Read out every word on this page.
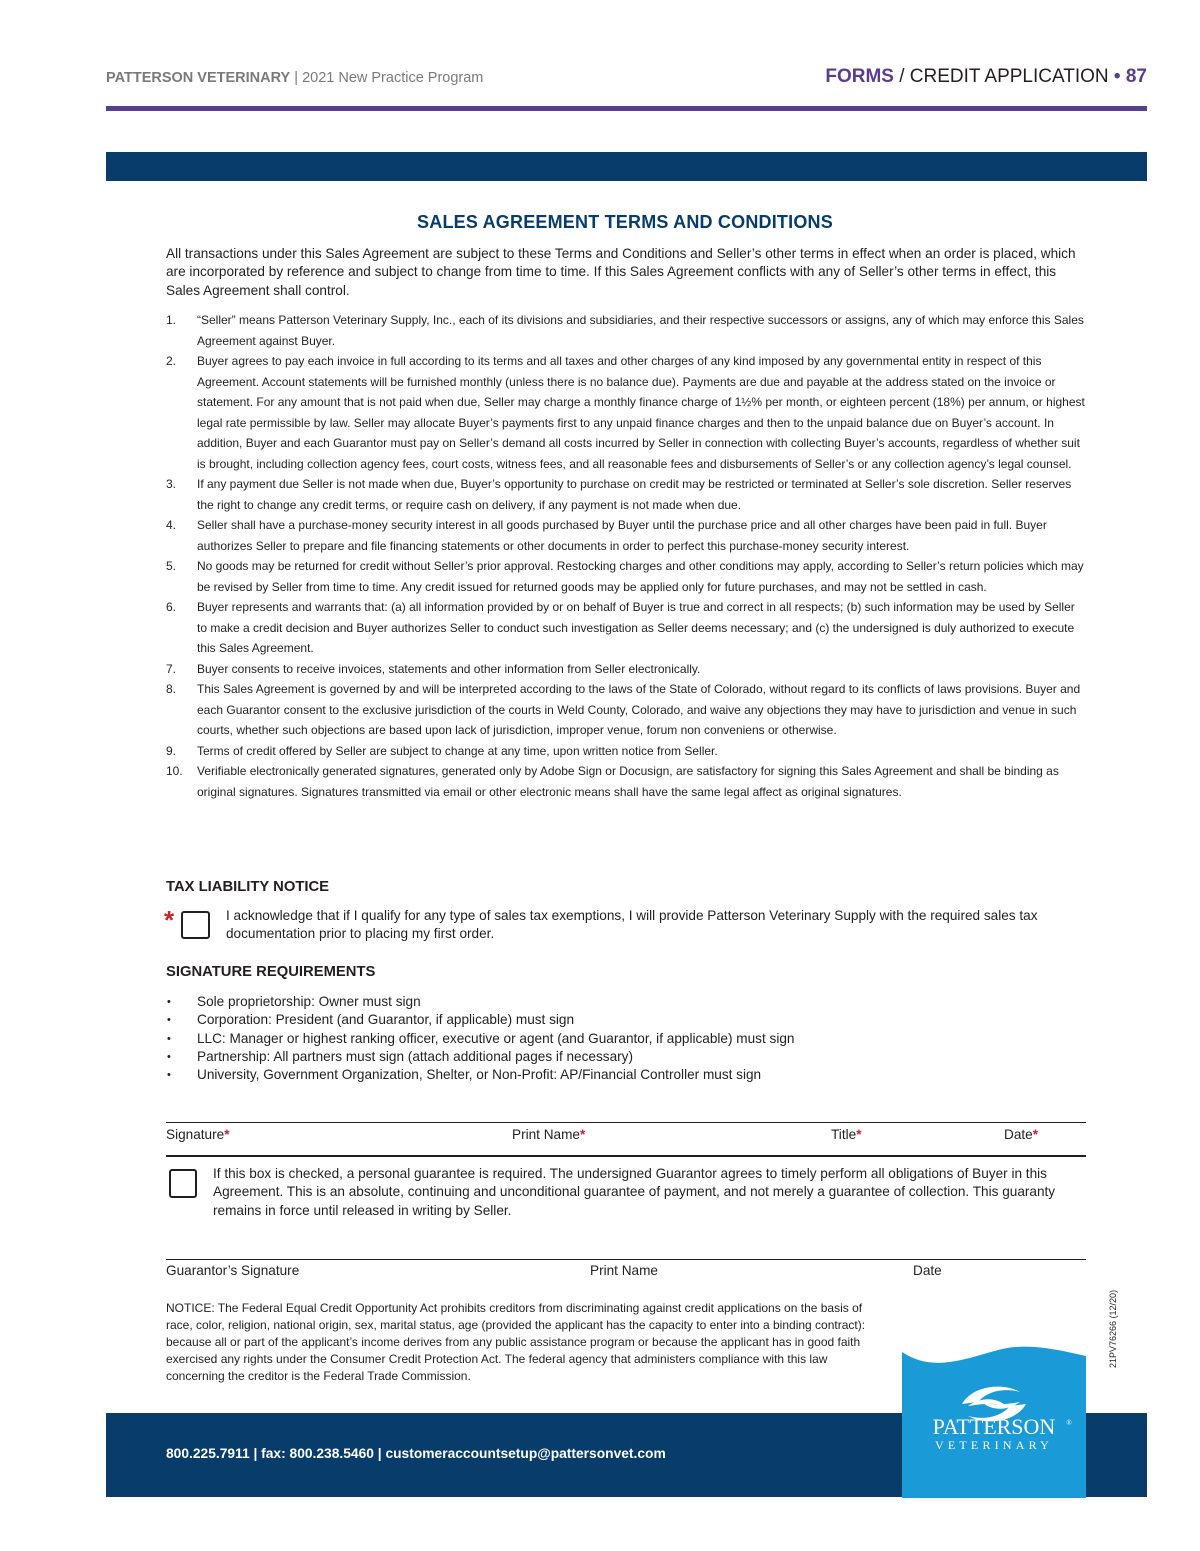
PATTERSON VETERINARY | 2021 New Practice Program	FORMS / CREDIT APPLICATION • 87
SALES AGREEMENT TERMS AND CONDITIONS
All transactions under this Sales Agreement are subject to these Terms and Conditions and Seller’s other terms in effect when an order is placed, which are incorporated by reference and subject to change from time to time. If this Sales Agreement conflicts with any of Seller’s other terms in effect, this Sales Agreement shall control.
1. “Seller” means Patterson Veterinary Supply, Inc., each of its divisions and subsidiaries, and their respective successors or assigns, any of which may enforce this Sales Agreement against Buyer.
2. Buyer agrees to pay each invoice in full according to its terms and all taxes and other charges of any kind imposed by any governmental entity in respect of this Agreement. Account statements will be furnished monthly (unless there is no balance due). Payments are due and payable at the address stated on the invoice or statement. For any amount that is not paid when due, Seller may charge a monthly finance charge of 1½% per month, or eighteen percent (18%) per annum, or highest legal rate permissible by law. Seller may allocate Buyer’s payments first to any unpaid finance charges and then to the unpaid balance due on Buyer’s account. In addition, Buyer and each Guarantor must pay on Seller’s demand all costs incurred by Seller in connection with collecting Buyer’s accounts, regardless of whether suit is brought, including collection agency fees, court costs, witness fees, and all reasonable fees and disbursements of Seller’s or any collection agency’s legal counsel.
3. If any payment due Seller is not made when due, Buyer’s opportunity to purchase on credit may be restricted or terminated at Seller’s sole discretion. Seller reserves the right to change any credit terms, or require cash on delivery, if any payment is not made when due.
4. Seller shall have a purchase-money security interest in all goods purchased by Buyer until the purchase price and all other charges have been paid in full. Buyer authorizes Seller to prepare and file financing statements or other documents in order to perfect this purchase-money security interest.
5. No goods may be returned for credit without Seller’s prior approval. Restocking charges and other conditions may apply, according to Seller’s return policies which may be revised by Seller from time to time. Any credit issued for returned goods may be applied only for future purchases, and may not be settled in cash.
6. Buyer represents and warrants that: (a) all information provided by or on behalf of Buyer is true and correct in all respects; (b) such information may be used by Seller to make a credit decision and Buyer authorizes Seller to conduct such investigation as Seller deems necessary; and (c) the undersigned is duly authorized to execute this Sales Agreement.
7. Buyer consents to receive invoices, statements and other information from Seller electronically.
8. This Sales Agreement is governed by and will be interpreted according to the laws of the State of Colorado, without regard to its conflicts of laws provisions. Buyer and each Guarantor consent to the exclusive jurisdiction of the courts in Weld County, Colorado, and waive any objections they may have to jurisdiction and venue in such courts, whether such objections are based upon lack of jurisdiction, improper venue, forum non conveniens or otherwise.
9. Terms of credit offered by Seller are subject to change at any time, upon written notice from Seller.
10. Verifiable electronically generated signatures, generated only by Adobe Sign or Docusign, are satisfactory for signing this Sales Agreement and shall be binding as original signatures. Signatures transmitted via email or other electronic means shall have the same legal affect as original signatures.
TAX LIABILITY NOTICE
*	I acknowledge that if I qualify for any type of sales tax exemptions, I will provide Patterson Veterinary Supply with the required sales tax documentation prior to placing my first order.
SIGNATURE REQUIREMENTS
• Sole proprietorship: Owner must sign
• Corporation: President (and Guarantor, if applicable) must sign
• LLC: Manager or highest ranking officer, executive or agent (and Guarantor, if applicable) must sign
• Partnership: All partners must sign (attach additional pages if necessary)
• University, Government Organization, Shelter, or Non-Profit: AP/Financial Controller must sign
Signature*	Print Name*	Title*	Date*
If this box is checked, a personal guarantee is required. The undersigned Guarantor agrees to timely perform all obligations of Buyer in this Agreement. This is an absolute, continuing and unconditional guarantee of payment, and not merely a guarantee of collection. This guaranty remains in force until released in writing by Seller.
Guarantor’s Signature	Print Name	Date
NOTICE: The Federal Equal Credit Opportunity Act prohibits creditors from discriminating against credit applications on the basis of race, color, religion, national origin, sex, marital status, age (provided the applicant has the capacity to enter into a binding contract): because all or part of the applicant’s income derives from any public assistance program or because the applicant has in good faith exercised any rights under the Consumer Credit Protection Act. The federal agency that administers compliance with this law concerning the creditor is the Federal Trade Commission.
21PV76266 (12/20)
800.225.7911 | fax: 800.238.5460 | customeraccountsetup@pattersonvet.com
PATTERSON ®
VETERINARY
